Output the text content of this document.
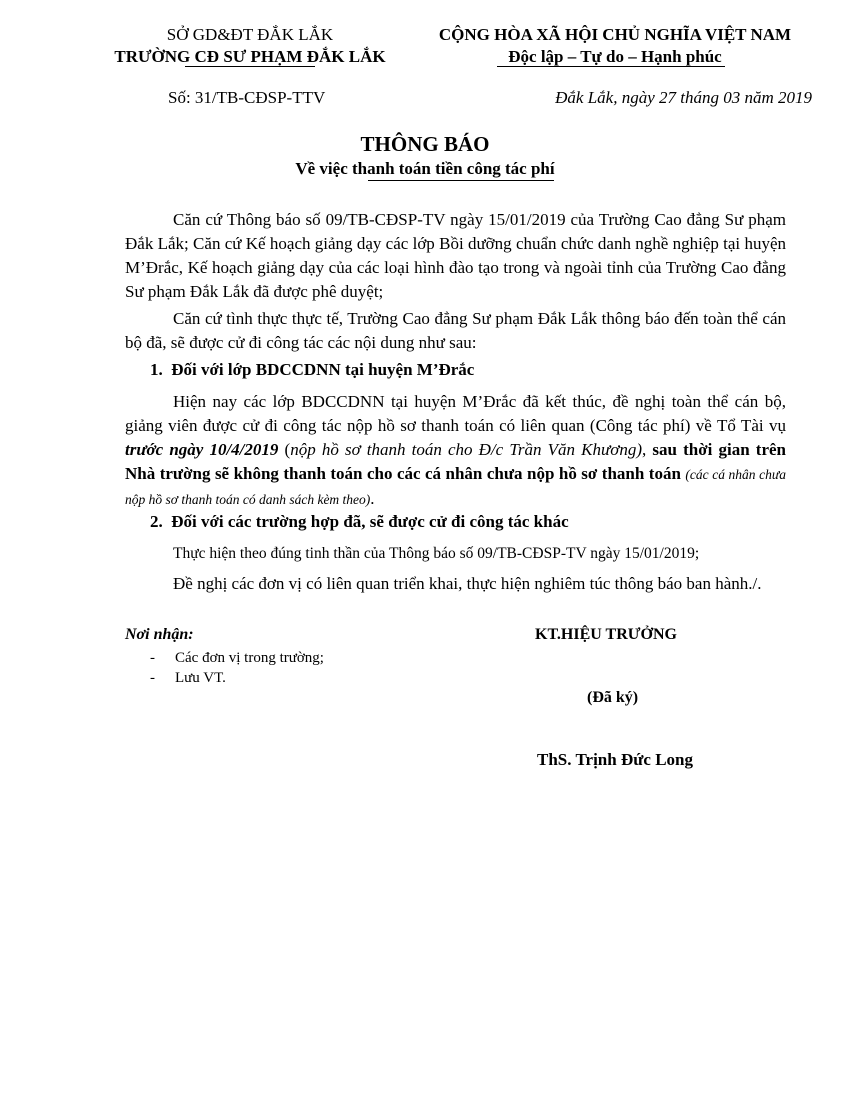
SỞ GD&ĐT ĐẮK LẮK
TRƯỜNG CĐ SƯ PHẠM ĐẮK LẮK
CỘNG HÒA XÃ HỘI CHỦ NGHĨA VIỆT NAM
Độc lập – Tự do – Hạnh phúc
Số: 31/TB-CĐSP-TTV	Đắk Lắk, ngày 27 tháng 03 năm 2019
THÔNG BÁO
Về việc thanh toán tiền công tác phí
Căn cứ Thông báo số 09/TB-CĐSP-TV ngày 15/01/2019 của Trường Cao đẳng Sư phạm Đắk Lắk; Căn cứ Kế hoạch giảng dạy các lớp Bồi dưỡng chuẩn chức danh nghề nghiệp tại huyện M’Đrắc, Kế hoạch giảng dạy của các loại hình đào tạo trong và ngoài tỉnh của Trường Cao đẳng Sư phạm Đắk Lắk đã được phê duyệt;
Căn cứ tình thực thực tế, Trường Cao đẳng Sư phạm Đắk Lắk thông báo đến toàn thể cán bộ đã, sẽ được cử đi công tác các nội dung như sau:
1. Đối với lớp BDCCDNN tại huyện M’Đrắc
Hiện nay các lớp BDCCDNN tại huyện M’Đrắc đã kết thúc, đề nghị toàn thể cán bộ, giảng viên được cử đi công tác nộp hồ sơ thanh toán có liên quan (Công tác phí) về Tổ Tài vụ trước ngày 10/4/2019 (nộp hồ sơ thanh toán cho Đ/c Trần Văn Khương), sau thời gian trên Nhà trường sẽ không thanh toán cho các cá nhân chưa nộp hồ sơ thanh toán (các cá nhân chưa nộp hồ sơ thanh toán có danh sách kèm theo).
2. Đối với các trường hợp đã, sẽ được cử đi công tác khác
Thực hiện theo đúng tinh thần của Thông báo số 09/TB-CĐSP-TV ngày 15/01/2019;
Đề nghị các đơn vị có liên quan triển khai, thực hiện nghiêm túc thông báo ban hành./.
Nơi nhận:
- Các đơn vị trong trường;
- Lưu VT.
KT.HIỆU TRƯỞNG
(Đã ký)
ThS. Trịnh Đức Long
